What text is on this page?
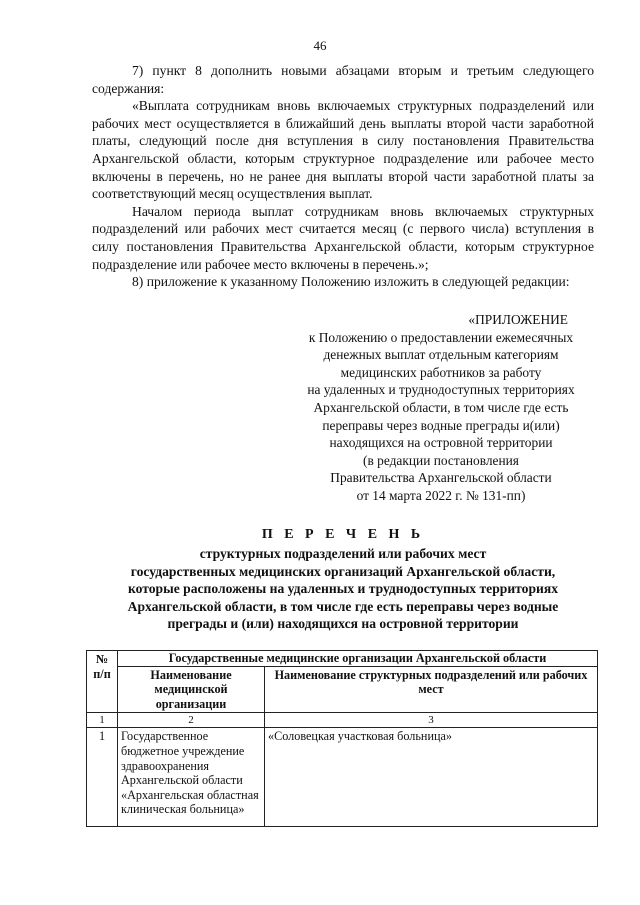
46

7) пункт 8 дополнить новыми абзацами вторым и третьим следующего содержания:

«Выплата сотрудникам вновь включаемых структурных подразделений или рабочих мест осуществляется в ближайший день выплаты второй части заработной платы, следующий после дня вступления в силу постановления Правительства Архангельской области, которым структурное подразделение или рабочее место включены в перечень, но не ранее дня выплаты второй части заработной платы за соответствующий месяц осуществления выплат.

Началом периода выплат сотрудникам вновь включаемых структурных подразделений или рабочих мест считается месяц (с первого числа) вступления в силу постановления Правительства Архангельской области, которым структурное подразделение или рабочее место включены в перечень.»;

8) приложение к указанному Положению изложить в следующей редакции:

«ПРИЛОЖЕНИЕ
к Положению о предоставлении ежемесячных
денежных выплат отдельным категориям
медицинских работников за работу
на удаленных и труднодоступных территориях
Архангельской области, в том числе где есть
переправы через водные преграды и(или)
находящихся на островной территории
(в редакции постановления
Правительства Архангельской области
от 14 марта 2022 г. № 131-пп)
П Е Р Е Ч Е Н Ь
структурных подразделений или рабочих мест
государственных медицинских организаций Архангельской области,
которые расположены на удаленных и труднодоступных территориях
Архангельской области, в том числе где есть переправы через водные
преграды и (или) находящихся на островной территории
№ п/п	Государственные медицинские организации Архангельской области	
	Наименование медицинской организации	Наименование структурных подразделений или рабочих мест
1	2	3
1	Государственное бюджетное учреждение здравоохранения Архангельской области «Архангельская областная клиническая больница»	«Соловецкая участковая больница»
